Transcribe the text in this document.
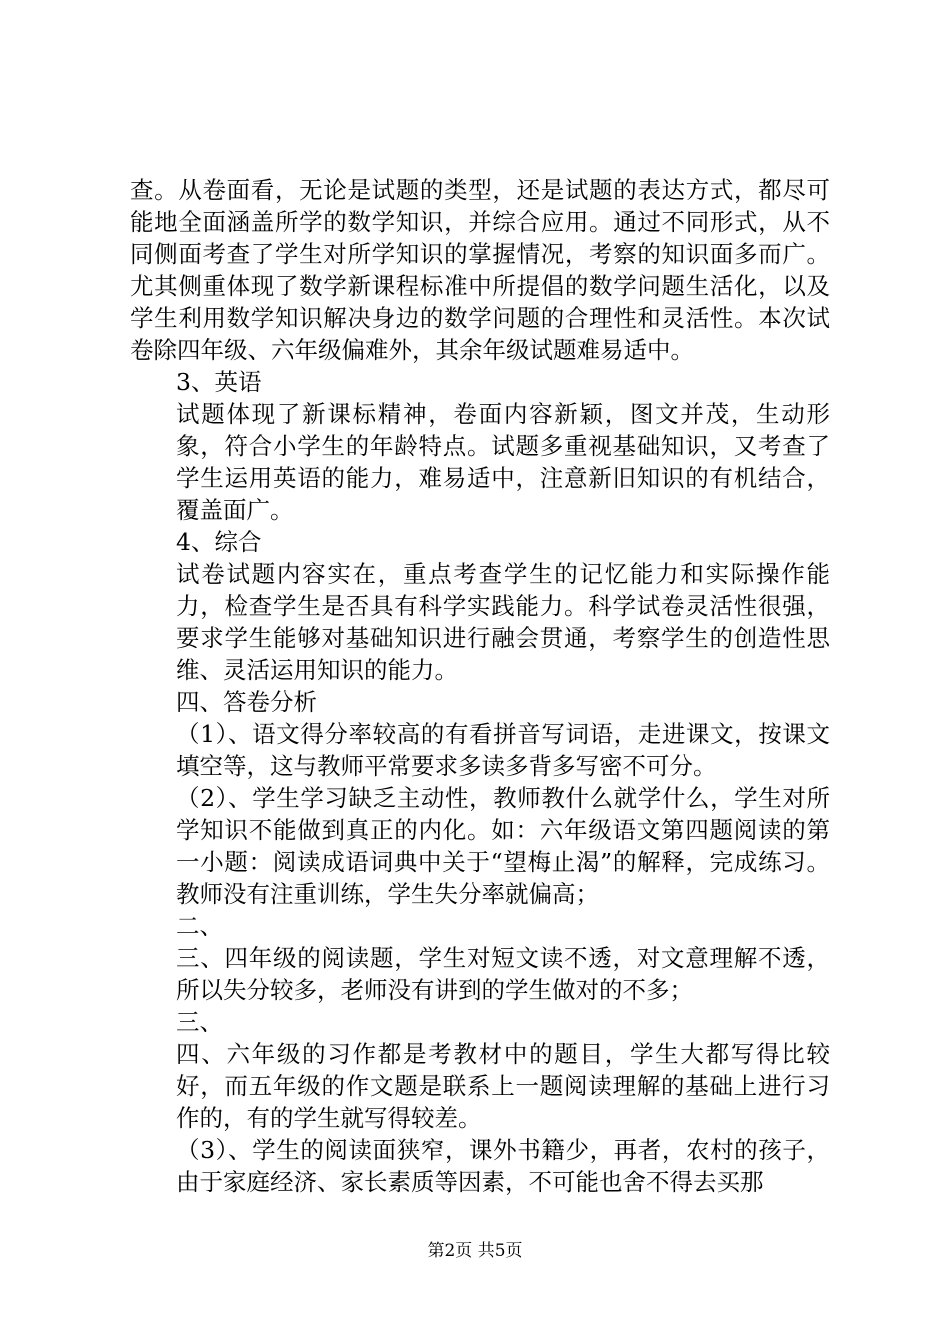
查。从卷面看，无论是试题的类型，还是试题的表达方式，都尽可能地全面涵盖所学的数学知识，并综合应用。通过不同形式，从不同侧面考查了学生对所学知识的掌握情况，考察的知识面多而广。尤其侧重体现了数学新课程标准中所提倡的数学问题生活化，以及学生利用数学知识解决身边的数学问题的合理性和灵活性。本次试卷除四年级、六年级偏难外，其余年级试题难易适中。

3、英语

试题体现了新课标精神，卷面内容新颖，图文并茂，生动形象，符合小学生的年龄特点。试题多重视基础知识，又考查了学生运用英语的能力，难易适中，注意新旧知识的有机结合，覆盖面广。

4、综合

试卷试题内容实在，重点考查学生的记忆能力和实际操作能力，检查学生是否具有科学实践能力。科学试卷灵活性很强，要求学生能够对基础知识进行融会贯通，考察学生的创造性思维、灵活运用知识的能力。

四、答卷分析

（1）、语文得分率较高的有看拼音写词语，走进课文，按课文填空等，这与教师平常要求多读多背多写密不可分。

（2）、学生学习缺乏主动性，教师教什么就学什么，学生对所学知识不能做到真正的内化。如：六年级语文第四题阅读的第一小题：阅读成语词典中关于“望梅止渴”的解释，完成练习。教师没有注重训练，学生失分率就偏高；

二、

三、四年级的阅读题，学生对短文读不透，对文意理解不透，所以失分较多，老师没有讲到的学生做对的不多；

三、

四、六年级的习作都是考教材中的题目，学生大都写得比较好，而五年级的作文题是联系上一题阅读理解的基础上进行习作的，有的学生就写得较差。

（3）、学生的阅读面狭窄，课外书籍少，再者，农村的孩子，由于家庭经济、家长素质等因素，不可能也舍不得去买那

第2页 共5页
